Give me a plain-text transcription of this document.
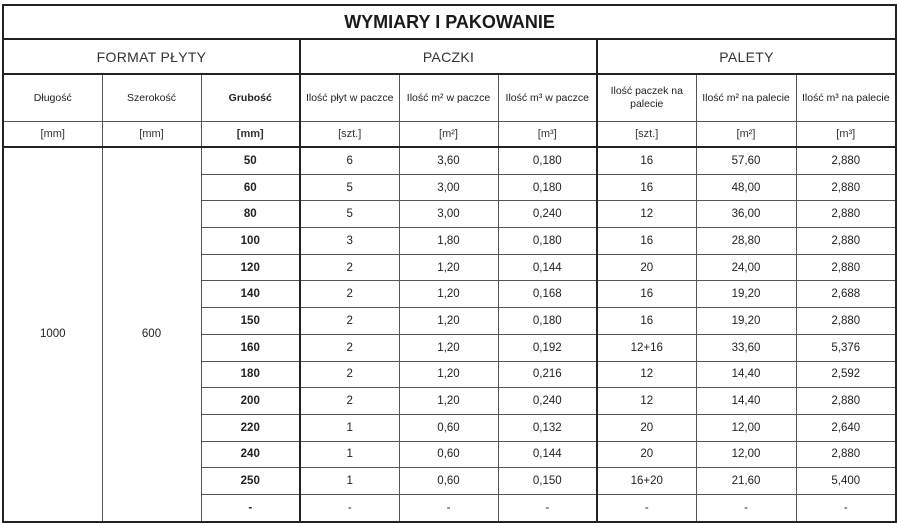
WYMIARY I PAKOWANIE								
FORMAT PŁYTY			PACZKI			PALETY		
Długość	Szerokość	Grubość	Ilość płyt w paczce	Ilość m² w paczce	Ilość m³ w paczce	Ilość paczek na palecie	Ilość m² na palecie	Ilość m³ na palecie
[mm]	[mm]	[mm]	[szt.]	[m²]	[m³]	[szt.]	[m²]	[m³]
1000	600	50	6	3,60	0,180	16	57,60	2,880
		60	5	3,00	0,180	16	48,00	2,880
		80	5	3,00	0,240	12	36,00	2,880
		100	3	1,80	0,180	16	28,80	2,880
		120	2	1,20	0,144	20	24,00	2,880
		140	2	1,20	0,168	16	19,20	2,688
		150	2	1,20	0,180	16	19,20	2,880
		160	2	1,20	0,192	12+16	33,60	5,376
		180	2	1,20	0,216	12	14,40	2,592
		200	2	1,20	0,240	12	14,40	2,880
		220	1	0,60	0,132	20	12,00	2,640
		240	1	0,60	0,144	20	12,00	2,880
		250	1	0,60	0,150	16+20	21,60	5,400
		-	-	-	-	-	-	-
